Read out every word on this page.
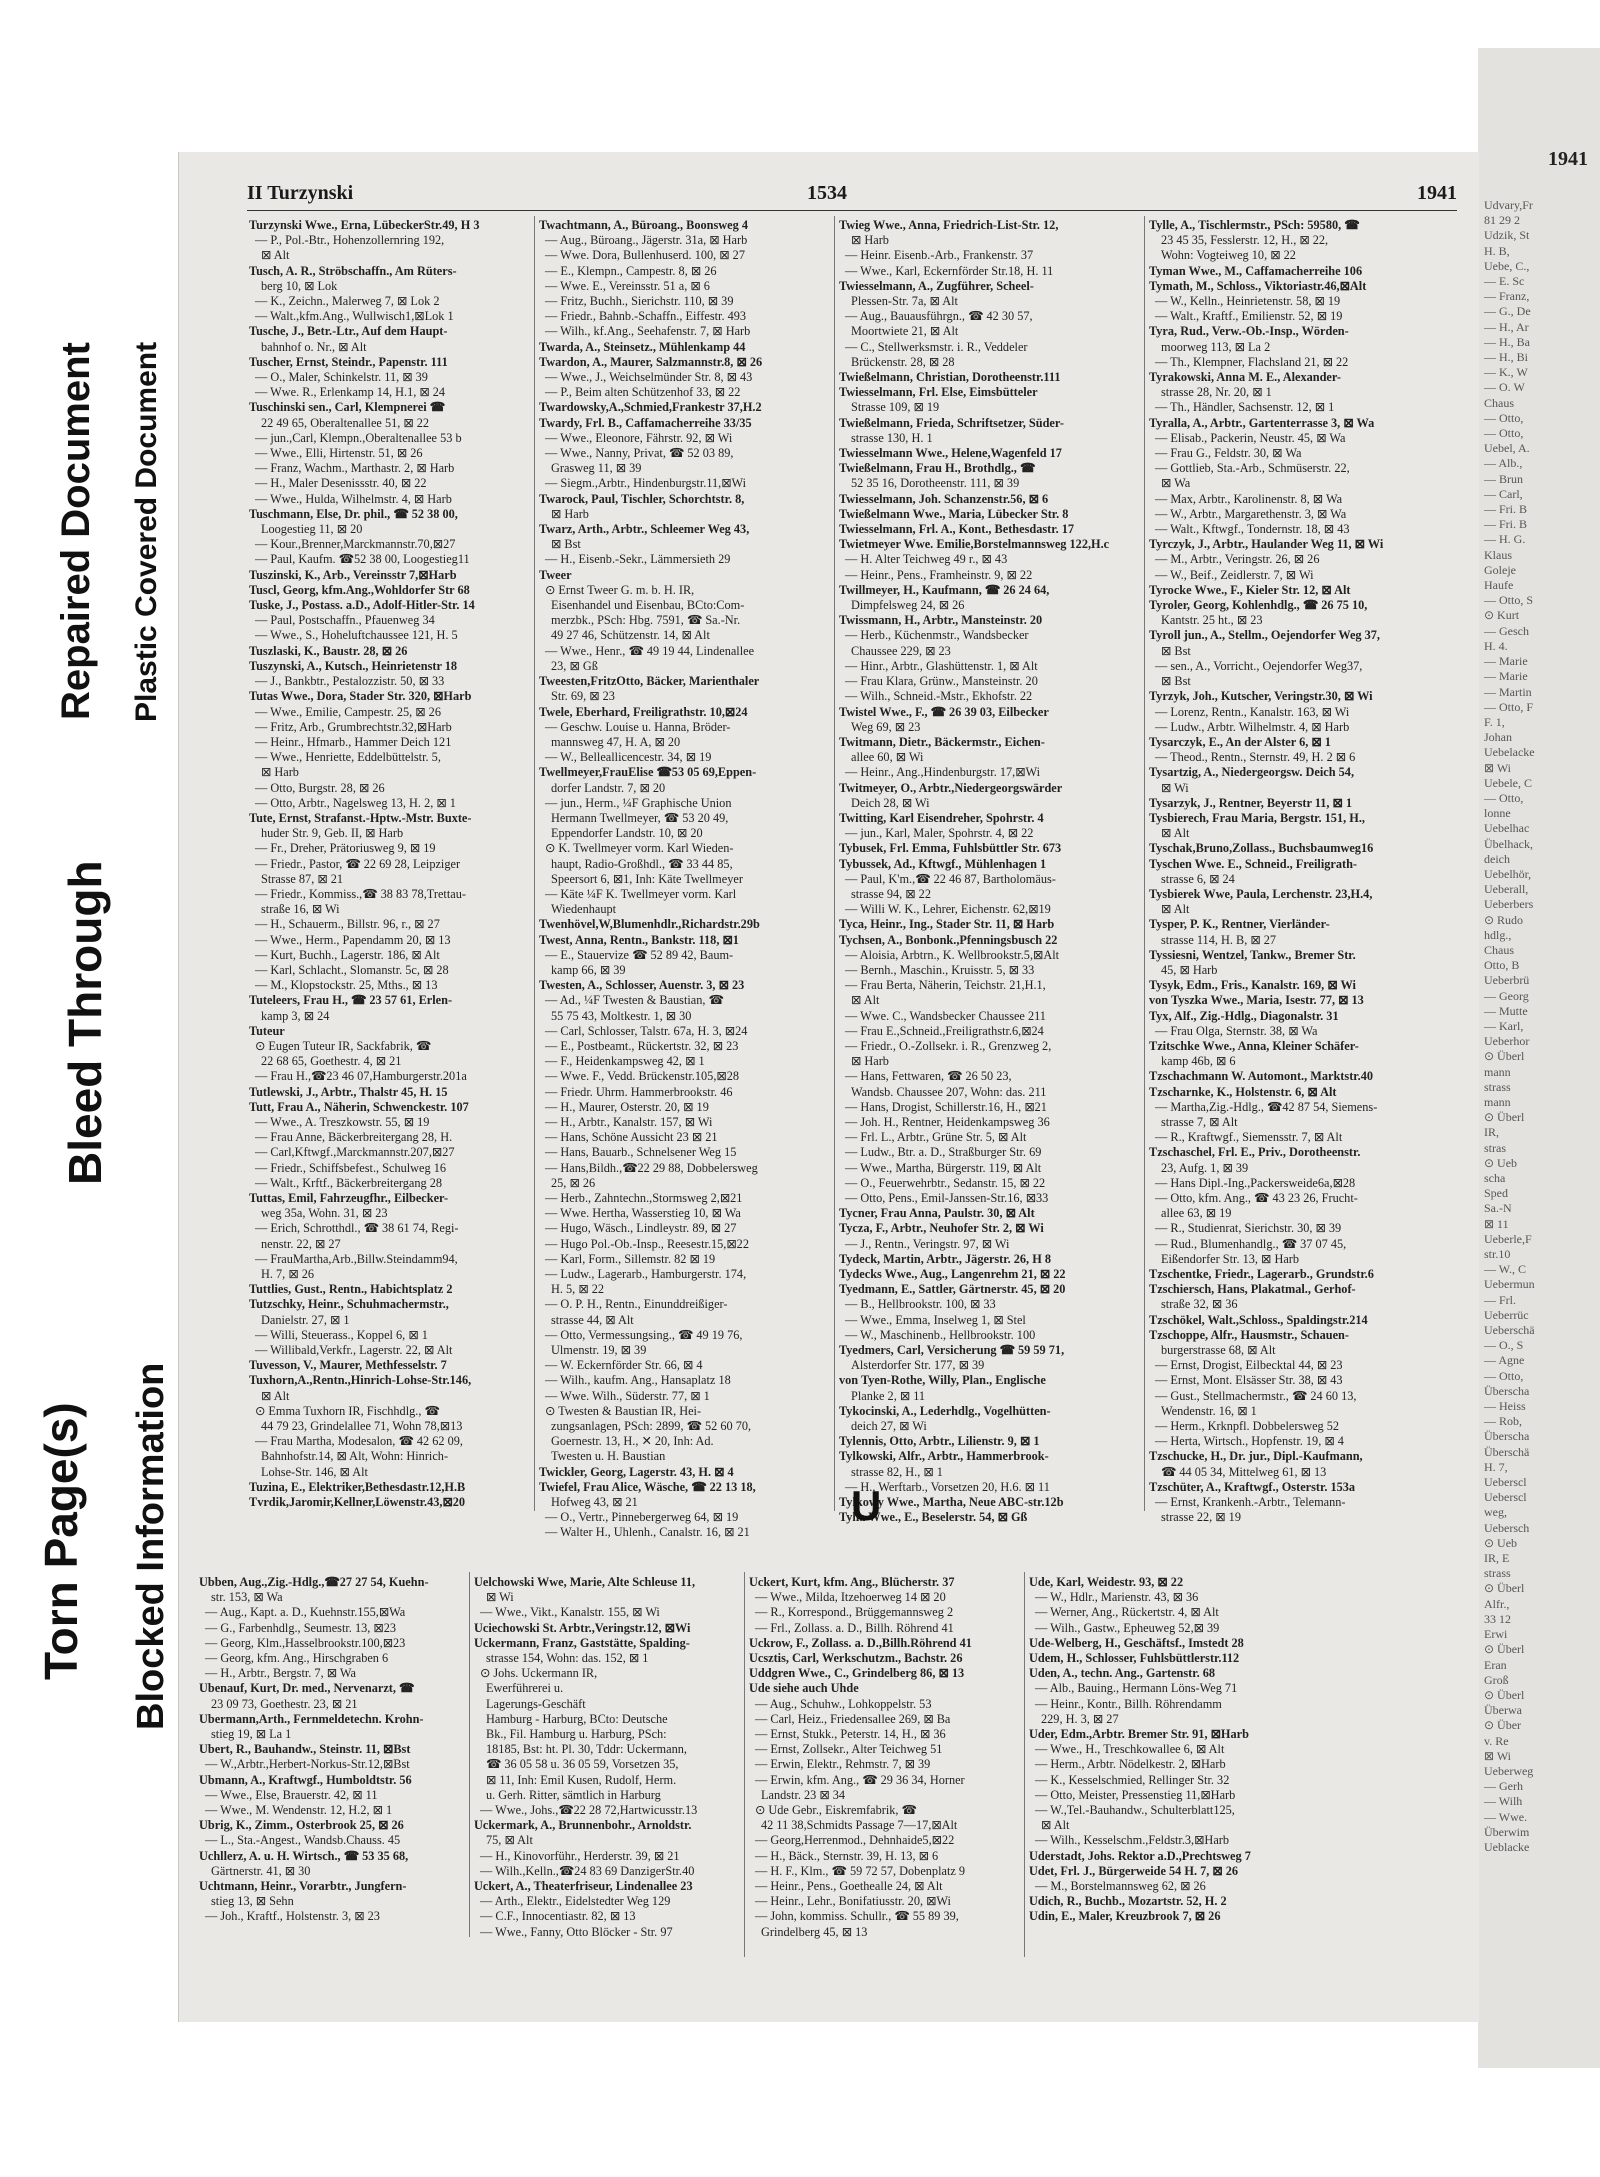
Torn Page(s)
Bleed Through
Repaired Document
Blocked Information
Plastic Covered Document
1941
Udvary,Fr
81 29 2
Udzik, St
H. B,
Uebe, C.,
— E. Sc
— Franz,
— G., De
— H., Ar
— H., Ba
— H., Bi
— K., W
— O. W
Chaus
— Otto,
— Otto,
Uebel, A.
— Alb.,
— Brun
— Carl,
— Fri. B
— Fri. B
— H. G.
Klaus
Goleje
Haufe
— Otto, S
⊙ Kurt
— Gesch
H. 4.
— Marie
— Marie
— Martin
— Otto, F
F. 1,
Johan
Uebelacke
⊠ Wi
Uebele, C
— Otto,
lonne
Uebelhac
Übelhack,
deich
Uebelhör,
Ueberall,
Ueberbers
⊙ Rudo
hdlg.,
Chaus
Otto, B
Ueberbrü
— Georg
— Mutte
— Karl,
Ueberhor
⊙ Überl
mann
strass
mann
⊙ Überl
IR,
stras
⊙ Ueb
scha
Sped
Sa.-N
⊠ 11
Ueberle,F
str.10
— W., C
Uebermun
— Frl.
Ueberrüc
Ueberschä
— O., S
— Agne
— Otto,
Überscha
— Heiss
— Rob,
Überscha
Überschä
H. 7,
Ueberscl
Ueberscl
weg,
Uebersch
⊙ Ueb
IR, E
strass
⊙ Überl
Alfr.,
33 12
Erwi
⊙ Überl
Eran
Groß
⊙ Überl
Überwa
⊙ Über
v. Re
⊠ Wi
Ueberweg
— Gerh
— Wilh
— Wwe.
Überwim
Ueblacke
II Turzynski	1534	1941
Turzynski Wwe., Erna, LübeckerStr.49, H 3
— P., Pol.-Btr., Hohenzollernring 192,
⊠ Alt
Tusch, A. R., Ströbschaffn., Am Rüters-
berg 10, ⊠ Lok
— K., Zeichn., Malerweg 7, ⊠ Lok 2
— Walt.,kfm.Ang., Wullwisch1,⊠Lok 1
Tusche, J., Betr.-Ltr., Auf dem Haupt-
bahnhof o. Nr., ⊠ Alt
Tuscher, Ernst, Steindr., Papenstr. 111
— O., Maler, Schinkelstr. 11, ⊠ 39
— Wwe. R., Erlenkamp 14, H.1, ⊠ 24
Tuschinski sen., Carl, Klempnerei ☎
22 49 65, Oberaltenallee 51, ⊠ 22
— jun.,Carl, Klempn.,Oberaltenallee 53 b
— Wwe., Elli, Hirtenstr. 51, ⊠ 26
— Franz, Wachm., Marthastr. 2, ⊠ Harb
— H., Maler Desenissstr. 40, ⊠ 22
— Wwe., Hulda, Wilhelmstr. 4, ⊠ Harb
Tuschmann, Else, Dr. phil., ☎ 52 38 00,
Loogestieg 11, ⊠ 20
— Kour.,Brenner,Marckmannstr.70,⊠27
— Paul, Kaufm. ☎52 38 00, Loogestieg11
Tuszinski, K., Arb., Vereinsstr 7,⊠Harb
Tuscl, Georg, kfm.Ang.,Wohldorfer Str 68
Tuske, J., Postass. a.D., Adolf-Hitler-Str. 14
— Paul, Postschaffn., Pfauenweg 34
— Wwe., S., Hoheluftchaussee 121, H. 5
Tuszlaski, K., Baustr. 28, ⊠ 26
Tuszynski, A., Kutsch., Heinrietenstr 18
— J., Bankbtr., Pestalozzistr. 50, ⊠ 33
Tutas Wwe., Dora, Stader Str. 320, ⊠Harb
— Wwe., Emilie, Campestr. 25, ⊠ 26
— Fritz, Arb., Grumbrechtstr.32,⊠Harb
— Heinr., Hfmarb., Hammer Deich 121
— Wwe., Henriette, Eddelbüttelstr. 5,
⊠ Harb
— Otto, Burgstr. 28, ⊠ 26
— Otto, Arbtr., Nagelsweg 13, H. 2, ⊠ 1
Tute, Ernst, Strafanst.-Hptw.-Mstr. Buxte-
huder Str. 9, Geb. II, ⊠ Harb
— Fr., Dreher, Prätoriusweg 9, ⊠ 19
— Friedr., Pastor, ☎ 22 69 28, Leipziger
Strasse 87, ⊠ 21
— Friedr., Kommiss.,☎ 38 83 78,Trettau-
straße 16, ⊠ Wi
— H., Schauerm., Billstr. 96, r., ⊠ 27
— Wwe., Herm., Papendamm 20, ⊠ 13
— Kurt, Buchh., Lagerstr. 186, ⊠ Alt
— Karl, Schlacht., Slomanstr. 5c, ⊠ 28
— M., Klopstockstr. 25, Mths., ⊠ 13
Tuteleers, Frau H., ☎ 23 57 61, Erlen-
kamp 3, ⊠ 24
Tuteur
⊙ Eugen Tuteur IR, Sackfabrik, ☎
22 68 65, Goethestr. 4, ⊠ 21
— Frau H.,☎23 46 07,Hamburgerstr.201a
Tutlewski, J., Arbtr., Thalstr 45, H. 15
Tutt, Frau A., Näherin, Schwenckestr. 107
— Wwe., A. Treszkowstr. 55, ⊠ 19
— Frau Anne, Bäckerbreitergang 28, H.
— Carl,Kftwgf.,Marckmannstr.207,⊠27
— Friedr., Schiffsbefest., Schulweg 16
— Walt., Krftf., Bäckerbreitergang 28
Tuttas, Emil, Fahrzeugfhr., Eilbecker-
weg 35a, Wohn. 31, ⊠ 23
— Erich, Schrotthdl., ☎ 38 61 74, Regi-
nenstr. 22, ⊠ 27
— FrauMartha,Arb.,Billw.Steindamm94,
H. 7, ⊠ 26
Tuttlies, Gust., Rentn., Habichtsplatz 2
Tutzschky, Heinr., Schuhmachermstr.,
Danielstr. 27, ⊠ 1
— Willi, Steuerass., Koppel 6, ⊠ 1
— Willibald,Verkfr., Lagerstr. 22, ⊠ Alt
Tuvesson, V., Maurer, Methfesselstr. 7
Tuxhorn,A.,Rentn.,Hinrich-Lohse-Str.146,
⊠ Alt
⊙ Emma Tuxhorn IR, Fischhdlg., ☎
44 79 23, Grindelallee 71, Wohn 78,⊠13
— Frau Martha, Modesalon, ☎ 42 62 09,
Bahnhofstr.14, ⊠ Alt, Wohn: Hinrich-
Lohse-Str. 146, ⊠ Alt
Tuzina, E., Elektriker,Bethesdastr.12,H.B
Tvrdik,Jaromir,Kellner,Löwenstr.43,⊠20
Twachtmann, A., Büroang., Boonsweg 4
— Aug., Büroang., Jägerstr. 31a, ⊠ Harb
— Wwe. Dora, Bullenhuserd. 100, ⊠ 27
— E., Klempn., Campestr. 8, ⊠ 26
— Wwe. E., Vereinsstr. 51 a, ⊠ 6
— Fritz, Buchh., Sierichstr. 110, ⊠ 39
— Friedr., Bahnb.-Schaffn., Eiffestr. 493
— Wilh., kf.Ang., Seehafenstr. 7, ⊠ Harb
Twarda, A., Steinsetz., Mühlenkamp 44
Twardon, A., Maurer, Salzmannstr.8, ⊠ 26
— Wwe., J., Weichselmünder Str. 8, ⊠ 43
— P., Beim alten Schützenhof 33, ⊠ 22
Twardowsky,A.,Schmied,Frankestr 37,H.2
Twardy, Frl. B., Caffamacherreihe 33/35
— Wwe., Eleonore, Fährstr. 92, ⊠ Wi
— Wwe., Nanny, Privat, ☎ 52 03 89,
Grasweg 11, ⊠ 39
— Siegm.,Arbtr., Hindenburgstr.11,⊠Wi
Twarock, Paul, Tischler, Schorchtstr. 8,
⊠ Harb
Twarz, Arth., Arbtr., Schleemer Weg 43,
⊠ Bst
— H., Eisenb.-Sekr., Lämmersieth 29
Tweer
⊙ Ernst Tweer G. m. b. H. IR,
Eisenhandel und Eisenbau, BCto:Com-
merzbk., PSch: Hbg. 7591, ☎ Sa.-Nr.
49 27 46, Schützenstr. 14, ⊠ Alt
— Wwe., Henr., ☎ 49 19 44, Lindenallee
23, ⊠ Gß
Tweesten,FritzOtto, Bäcker, Marienthaler
Str. 69, ⊠ 23
Twele, Eberhard, Freiligrathstr. 10,⊠24
— Geschw. Louise u. Hanna, Bröder-
mannsweg 47, H. A, ⊠ 20
— W., Belleallicencestr. 34, ⊠ 19
Twellmeyer,FrauElise ☎53 05 69,Eppen-
dorfer Landstr. 7, ⊠ 20
— jun., Herm., ¼F Graphische Union
Hermann Twellmeyer, ☎ 53 20 49,
Eppendorfer Landstr. 10, ⊠ 20
⊙ K. Twellmeyer vorm. Karl Wieden-
haupt, Radio-Großhdl., ☎ 33 44 85,
Speersort 6, ⊠1, Inh: Käte Twellmeyer
— Käte ¼F K. Twellmeyer vorm. Karl
Wiedenhaupt
Twenhövel,W,Blumenhdlr.,Richardstr.29b
Twest, Anna, Rentn., Bankstr. 118, ⊠1
— E., Stauervize ☎ 52 89 42, Baum-
kamp 66, ⊠ 39
Twesten, A., Schlosser, Auenstr. 3, ⊠ 23
— Ad., ¼F Twesten & Baustian, ☎
55 75 43, Moltkestr. 1, ⊠ 30
— Carl, Schlosser, Talstr. 67a, H. 3, ⊠24
— E., Postbeamt., Rückertstr. 32, ⊠ 23
— F., Heidenkampsweg 42, ⊠ 1
— Wwe. F., Vedd. Brückenstr.105,⊠28
— Friedr. Uhrm. Hammerbrookstr. 46
— H., Maurer, Osterstr. 20, ⊠ 19
— H., Arbtr., Kanalstr. 157, ⊠ Wi
— Hans, Schöne Aussicht 23 ⊠ 21
— Hans, Bauarb., Schnelsener Weg 15
— Hans,Bildh.,☎22 29 88, Dobbelersweg
25, ⊠ 26
— Herb., Zahntechn.,Stormsweg 2,⊠21
— Wwe. Hertha, Wasserstieg 10, ⊠ Wa
— Hugo, Wäsch., Lindleystr. 89, ⊠ 27
— Hugo Pol.-Ob.-Insp., Reesestr.15,⊠22
— Karl, Form., Sillemstr. 82 ⊠ 19
— Ludw., Lagerarb., Hamburgerstr. 174,
H. 5, ⊠ 22
— O. P. H., Rentn., Einunddreißiger-
strasse 44, ⊠ Alt
— Otto, Vermessungsing., ☎ 49 19 76,
Ulmenstr. 19, ⊠ 39
— W. Eckernförder Str. 66, ⊠ 4
— Wilh., kaufm. Ang., Hansaplatz 18
— Wwe. Wilh., Süderstr. 77, ⊠ 1
⊙ Twesten & Baustian IR, Hei-
zungsanlagen, PSch: 2899, ☎ 52 60 70,
Goernestr. 13, H., ✕ 20, Inh: Ad.
Twesten u. H. Baustian
Twickler, Georg, Lagerstr. 43, H. ⊠ 4
Twiefel, Frau Alice, Wäsche, ☎ 22 13 18,
Hofweg 43, ⊠ 21
— O., Vertr., Pinnebergerweg 64, ⊠ 19
— Walter H., Uhlenh., Canalstr. 16, ⊠ 21
Twieg Wwe., Anna, Friedrich-List-Str. 12,
⊠ Harb
— Heinr. Eisenb.-Arb., Frankenstr. 37
— Wwe., Karl, Eckernförder Str.18, H. 11
Twiesselmann, A., Zugführer, Scheel-
Plessen-Str. 7a, ⊠ Alt
— Aug., Bauausführgn., ☎ 42 30 57,
Moortwiete 21, ⊠ Alt
— C., Stellwerksmstr. i. R., Veddeler
Brückenstr. 28, ⊠ 28
Twießelmann, Christian, Dorotheenstr.111
Twiesselmann, Frl. Else, Eimsbütteler
Strasse 109, ⊠ 19
Twießelmann, Frieda, Schriftsetzer, Süder-
strasse 130, H. 1
Twiesselmann Wwe., Helene,Wagenfeld 17
Twießelmann, Frau H., Brothdlg., ☎
52 35 16, Dorotheenstr. 111, ⊠ 39
Twiesselmann, Joh. Schanzenstr.56, ⊠ 6
Twießelmann Wwe., Maria, Lübecker Str. 8
Twiesselmann, Frl. A., Kont., Bethesdastr. 17
Twietmeyer Wwe. Emilie,Borstelmannsweg 122,H.c
— H. Alter Teichweg 49 r., ⊠ 43
— Heinr., Pens., Framheinstr. 9, ⊠ 22
Twillmeyer, H., Kaufmann, ☎ 26 24 64,
Dimpfelsweg 24, ⊠ 26
Twissmann, H., Arbtr., Mansteinstr. 20
— Herb., Küchenmstr., Wandsbecker
Chaussee 229, ⊠ 23
— Hinr., Arbtr., Glashüttenstr. 1, ⊠ Alt
— Frau Klara, Grünw., Mansteinstr. 20
— Wilh., Schneid.-Mstr., Ekhofstr. 22
Twistel Wwe., F., ☎ 26 39 03, Eilbecker
Weg 69, ⊠ 23
Twitmann, Dietr., Bäckermstr., Eichen-
allee 60, ⊠ Wi
— Heinr., Ang.,Hindenburgstr. 17,⊠Wi
Twitmeyer, O., Arbtr.,Niedergeorgswärder
Deich 28, ⊠ Wi
Twitting, Karl Eisendreher, Spohrstr. 4
— jun., Karl, Maler, Spohrstr. 4, ⊠ 22
Tybusek, Frl. Emma, Fuhlsbüttler Str. 673
Tybussek, Ad., Kftwgf., Mühlenhagen 1
— Paul, K'm.,☎ 22 46 87, Bartholomäus-
strasse 94, ⊠ 22
— Willi W. K., Lehrer, Eichenstr. 62,⊠19
Tyca, Heinr., Ing., Stader Str. 11, ⊠ Harb
Tychsen, A., Bonbonk.,Pfenningsbusch 22
— Aloisia, Arbtrn., K. Wellbrookstr.5,⊠Alt
— Bernh., Maschin., Kruisstr. 5, ⊠ 33
— Frau Berta, Näherin, Teichstr. 21,H.1,
⊠ Alt
— Wwe. C., Wandsbecker Chaussee 211
— Frau E.,Schneid.,Freiligrathstr.6,⊠24
— Friedr., O.-Zollsekr. i. R., Grenzweg 2,
⊠ Harb
— Hans, Fettwaren, ☎ 26 50 23,
Wandsb. Chaussee 207, Wohn: das. 211
— Hans, Drogist, Schillerstr.16, H., ⊠21
— Joh. H., Rentner, Heidenkampsweg 36
— Frl. L., Arbtr., Grüne Str. 5, ⊠ Alt
— Ludw., Btr. a. D., Straßburger Str. 69
— Wwe., Martha, Bürgerstr. 119, ⊠ Alt
— O., Feuerwehrbtr., Sedanstr. 15, ⊠ 22
— Otto, Pens., Emil-Janssen-Str.16, ⊠33
Tycner, Frau Anna, Paulstr. 30, ⊠ Alt
Tycza, F., Arbtr., Neuhofer Str. 2, ⊠ Wi
— J., Rentn., Veringstr. 97, ⊠ Wi
Tydeck, Martin, Arbtr., Jägerstr. 26, H 8
Tydecks Wwe., Aug., Langenrehm 21, ⊠ 22
Tyedmann, E., Sattler, Gärtnerstr. 45, ⊠ 20
— B., Hellbrookstr. 100, ⊠ 33
— Wwe., Emma, Inselweg 1, ⊠ Stel
— W., Maschinenb., Hellbrookstr. 100
Tyedmers, Carl, Versicherung ☎ 59 59 71,
Alsterdorfer Str. 177, ⊠ 39
von Tyen-Rothe, Willy, Plan., Englische
Planke 2, ⊠ 11
Tykocinski, A., Lederhdlg., Vogelhütten-
deich 27, ⊠ Wi
Tylennis, Otto, Arbtr., Lilienstr. 9, ⊠ 1
Tylkowski, Alfr., Arbtr., Hammerbrook-
strasse 82, H., ⊠ 1
— H., Werftarb., Vorsetzen 20, H.6. ⊠ 11
Tylkowy Wwe., Martha, Neue ABC-str.12b
Tylla Wwe., E., Beselerstr. 54, ⊠ Gß
Tylle, A., Tischlermstr., PSch: 59580, ☎
23 45 35, Fesslerstr. 12, H., ⊠ 22,
Wohn: Vogteiweg 10, ⊠ 22
Tyman Wwe., M., Caffamacherreihe 106
Tymath, M., Schloss., Viktoriastr.46,⊠Alt
— W., Kelln., Heinrietenstr. 58, ⊠ 19
— Walt., Kraftf., Emilienstr. 52, ⊠ 19
Tyra, Rud., Verw.-Ob.-Insp., Wörden-
moorweg 113, ⊠ La 2
— Th., Klempner, Flachsland 21, ⊠ 22
Tyrakowski, Anna M. E., Alexander-
strasse 28, Nr. 20, ⊠ 1
— Th., Händler, Sachsenstr. 12, ⊠ 1
Tyralla, A., Arbtr., Gartenterrasse 3, ⊠ Wa
— Elisab., Packerin, Neustr. 45, ⊠ Wa
— Frau G., Feldstr. 30, ⊠ Wa
— Gottlieb, Sta.-Arb., Schmüserstr. 22,
⊠ Wa
— Max, Arbtr., Karolinenstr. 8, ⊠ Wa
— W., Arbtr., Margarethenstr. 3, ⊠ Wa
— Walt., Kftwgf., Tondernstr. 18, ⊠ 43
Tyrczyk, J., Arbtr., Haulander Weg 11, ⊠ Wi
— M., Arbtr., Veringstr. 26, ⊠ 26
— W., Beif., Zeidlerstr. 7, ⊠ Wi
Tyrocke Wwe., F., Kieler Str. 12, ⊠ Alt
Tyroler, Georg, Kohlenhdlg., ☎ 26 75 10,
Kantstr. 25 ht., ⊠ 23
Tyroll jun., A., Stellm., Oejendorfer Weg 37,
⊠ Bst
— sen., A., Vorricht., Oejendorfer Weg37,
⊠ Bst
Tyrzyk, Joh., Kutscher, Veringstr.30, ⊠ Wi
— Lorenz, Rentn., Kanalstr. 163, ⊠ Wi
— Ludw., Arbtr. Wilhelmstr. 4, ⊠ Harb
Tysarczyk, E., An der Alster 6, ⊠ 1
— Theod., Rentn., Sternstr. 49, H. 2 ⊠ 6
Tysartzig, A., Niedergeorgsw. Deich 54,
⊠ Wi
Tysarzyk, J., Rentner, Beyerstr 11, ⊠ 1
Tysbierech, Frau Maria, Bergstr. 151, H.,
⊠ Alt
Tyschak,Bruno,Zollass., Buchsbaumweg16
Tyschen Wwe. E., Schneid., Freiligrath-
strasse 6, ⊠ 24
Tysbierek Wwe, Paula, Lerchenstr. 23,H.4,
⊠ Alt
Tysper, P. K., Rentner, Vierländer-
strasse 114, H. B, ⊠ 27
Tyssiesni, Wentzel, Tankw., Bremer Str.
45, ⊠ Harb
Tysyk, Edm., Fris., Kanalstr. 169, ⊠ Wi
von Tyszka Wwe., Maria, Isestr. 77, ⊠ 13
Tyx, Alf., Zig.-Hdlg., Diagonalstr. 31
— Frau Olga, Sternstr. 38, ⊠ Wa
Tzitschke Wwe., Anna, Kleiner Schäfer-
kamp 46b, ⊠ 6
Tzschachmann W. Automont., Marktstr.40
Tzscharnke, K., Holstenstr. 6, ⊠ Alt
— Martha,Zig.-Hdlg., ☎42 87 54, Siemens-
strasse 7, ⊠ Alt
— R., Kraftwgf., Siemensstr. 7, ⊠ Alt
Tzschaschel, Frl. E., Priv., Dorotheenstr.
23, Aufg. 1, ⊠ 39
— Hans Dipl.-Ing.,Packersweide6a,⊠28
— Otto, kfm. Ang., ☎ 43 23 26, Frucht-
allee 63, ⊠ 19
— R., Studienrat, Sierichstr. 30, ⊠ 39
— Rud., Blumenhandlg., ☎ 37 07 45,
Eißendorfer Str. 13, ⊠ Harb
Tzschentke, Friedr., Lagerarb., Grundstr.6
Tzschiersch, Hans, Plakatmal., Gerhof-
straße 32, ⊠ 36
Tzschökel, Walt.,Schloss., Spaldingstr.214
Tzschoppe, Alfr., Hausmstr., Schauen-
burgerstrasse 68, ⊠ Alt
— Ernst, Drogist, Eilbecktal 44, ⊠ 23
— Ernst, Mont. Elsässer Str. 38, ⊠ 43
— Gust., Stellmachermstr., ☎ 24 60 13,
Wendenstr. 16, ⊠ 1
— Herm., Krknpfl. Dobbelersweg 52
— Herta, Wirtsch., Hopfenstr. 19, ⊠ 4
Tzschucke, H., Dr. jur., Dipl.-Kaufmann,
☎ 44 05 34, Mittelweg 61, ⊠ 13
Tzschüter, A., Kraftwgf., Osterstr. 153a
— Ernst, Krankenh.-Arbtr., Telemann-
strasse 22, ⊠ 19
U
Ubben, Aug.,Zig.-Hdlg.,☎27 27 54, Kuehn-
str. 153, ⊠ Wa
— Aug., Kapt. a. D., Kuehnstr.155,⊠Wa
— G., Farbenhdlg., Seumestr. 13, ⊠23
— Georg, Klm.,Hasselbrookstr.100,⊠23
— Georg, kfm. Ang., Hirschgraben 6
— H., Arbtr., Bergstr. 7, ⊠ Wa
Ubenauf, Kurt, Dr. med., Nervenarzt, ☎
23 09 73, Goethestr. 23, ⊠ 21
Ubermann,Arth., Fernmeldetechn. Krohn-
stieg 19, ⊠ La 1
Ubert, R., Bauhandw., Steinstr. 11, ⊠Bst
— W.,Arbtr.,Herbert-Norkus-Str.12,⊠Bst
Ubmann, A., Kraftwgf., Humboldtstr. 56
— Wwe., Else, Brauerstr. 42, ⊠ 11
— Wwe., M. Wendenstr. 12, H.2, ⊠ 1
Ubrig, K., Zimm., Osterbrook 25, ⊠ 26
— L., Sta.-Angest., Wandsb.Chauss. 45
Uchllerz, A. u. H. Wirtsch., ☎ 53 35 68,
Gärtnerstr. 41, ⊠ 30
Uchtmann, Heinr., Vorarbtr., Jungfern-
stieg 13, ⊠ Sehn
— Joh., Kraftf., Holstenstr. 3, ⊠ 23
Uelchowski Wwe, Marie, Alte Schleuse 11,
⊠ Wi
— Wwe., Vikt., Kanalstr. 155, ⊠ Wi
Uciechowski St. Arbtr.,Veringstr.12, ⊠Wi
Uckermann, Franz, Gaststätte, Spalding-
strasse 154, Wohn: das. 152, ⊠ 1
⊙ Johs. Uckermann IR,
Ewerführerei u.
Lagerungs-Geschäft
Hamburg - Harburg, BCto: Deutsche
Bk., Fil. Hamburg u. Harburg, PSch:
18185, Bst: ht. Pl. 30, Tddr: Uckermann,
☎ 36 05 58 u. 36 05 59, Vorsetzen 35,
⊠ 11, Inh: Emil Kusen, Rudolf, Herm.
u. Gerh. Ritter, sämtlich in Harburg
— Wwe., Johs.,☎22 28 72,Hartwicusstr.13
Uckermark, A., Brunnenbohr., Arnoldstr.
75, ⊠ Alt
— H., Kinovorführ., Herderstr. 39, ⊠ 21
— Wilh.,Kelln.,☎24 83 69 DanzigerStr.40
Uckert, A., Theaterfriseur, Lindenallee 23
— Arth., Elektr., Eidelstedter Weg 129
— C.F., Innocentiastr. 82, ⊠ 13
— Wwe., Fanny, Otto Blöcker - Str. 97
Uckert, Kurt, kfm. Ang., Blücherstr. 37
— Wwe., Milda, Itzehoerweg 14 ⊠ 20
— R., Korrespond., Brüggemannsweg 2
— Frl., Zollass. a. D., Billh. Röhrend 41
Uckrow, F., Zollass. a. D.,Billh.Röhrend 41
Ucsztis, Carl, Werkschutzm., Bachstr. 26
Uddgren Wwe., C., Grindelberg 86, ⊠ 13
Ude siehe auch Uhde
— Aug., Schuhw., Lohkoppelstr. 53
— Carl, Heiz., Friedensallee 269, ⊠ Ba
— Ernst, Stukk., Peterstr. 14, H., ⊠ 36
— Ernst, Zollsekr., Alter Teichweg 51
— Erwin, Elektr., Rehmstr. 7, ⊠ 39
— Erwin, kfm. Ang., ☎ 29 36 34, Horner
Landstr. 23 ⊠ 34
⊙ Ude Gebr., Eiskremfabrik, ☎
42 11 38,Schmidts Passage 7—17,⊠Alt
— Georg,Herrenmod., Dehnhaide5,⊠22
— H., Bäck., Sternstr. 39, H. 13, ⊠ 6
— H. F., Klm., ☎ 59 72 57, Dobenplatz 9
— Heinr., Pens., Goethealle 24, ⊠ Alt
— Heinr., Lehr., Bonifatiusstr. 20, ⊠Wi
— John, kommiss. Schullr., ☎ 55 89 39,
Grindelberg 45, ⊠ 13
Ude, Karl, Weidestr. 93, ⊠ 22
— W., Hdlr., Marienstr. 43, ⊠ 36
— Werner, Ang., Rückertstr. 4, ⊠ Alt
— Wilh., Gastw., Epheuweg 52,⊠ 39
Ude-Welberg, H., Geschäftsf., Imstedt 28
Udem, H., Schlosser, Fuhlsbüttlerstr.112
Uden, A., techn. Ang., Gartenstr. 68
— Alb., Bauing., Hermann Löns-Weg 71
— Heinr., Kontr., Billh. Röhrendamm
229, H. 3, ⊠ 27
Uder, Edm.,Arbtr. Bremer Str. 91, ⊠Harb
— Wwe., H., Treschkowallee 6, ⊠ Alt
— Herm., Arbtr. Nödelkestr. 2, ⊠Harb
— K., Kesselschmied, Rellinger Str. 32
— Otto, Meister, Pressenstieg 11,⊠Harb
— W.,Tel.-Bauhandw., Schulterblatt125,
⊠ Alt
— Wilh., Kesselschm.,Feldstr.3,⊠Harb
Uderstadt, Johs. Rektor a.D.,Prechtsweg 7
Udet, Frl. J., Bürgerweide 54 H. 7, ⊠ 26
— M., Borstelmannsweg 62, ⊠ 26
Udich, R., Buchb., Mozartstr. 52, H. 2
Udin, E., Maler, Kreuzbrook 7, ⊠ 26
